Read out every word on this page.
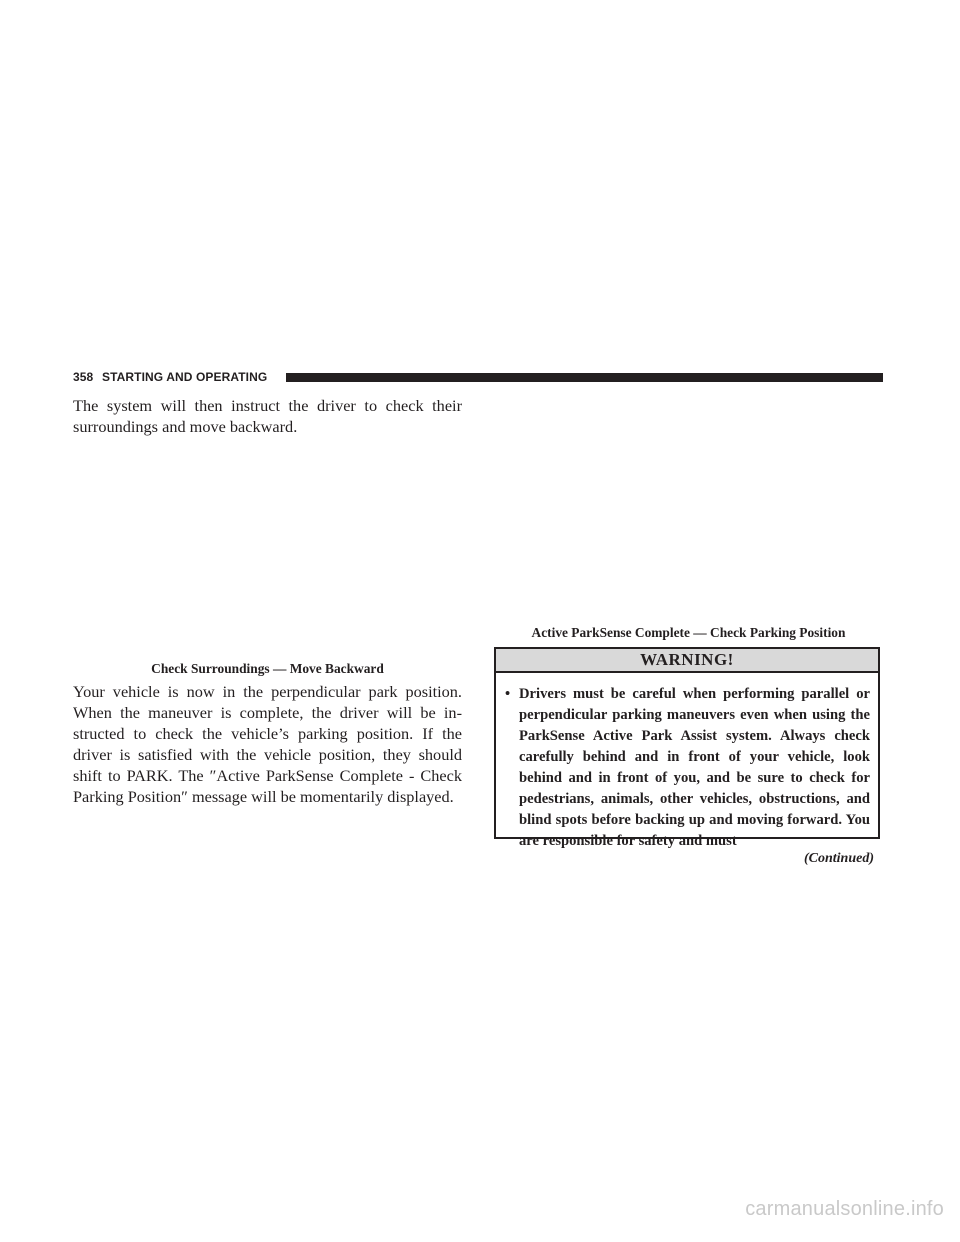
358 STARTING AND OPERATING

The system will then instruct the driver to check their surroundings and move backward.

Check Surroundings — Move Backward

Your vehicle is now in the perpendicular park position. When the maneuver is complete, the driver will be in-structed to check the vehicle’s parking position. If the driver is satisfied with the vehicle position, they should shift to PARK. The ″Active ParkSense Complete - Check Parking Position″ message will be momentarily displayed.

Active ParkSense Complete — Check Parking Position
WARNING!
• Drivers must be careful when performing parallel or perpendicular parking maneuvers even when using the ParkSense Active Park Assist system. Always check carefully behind and in front of your vehicle, look behind and in front of you, and be sure to check for pedestrians, animals, other vehicles, obstructions, and blind spots before backing up and moving forward. You are responsible for safety and must
(Continued)
carmanualsonline.info
